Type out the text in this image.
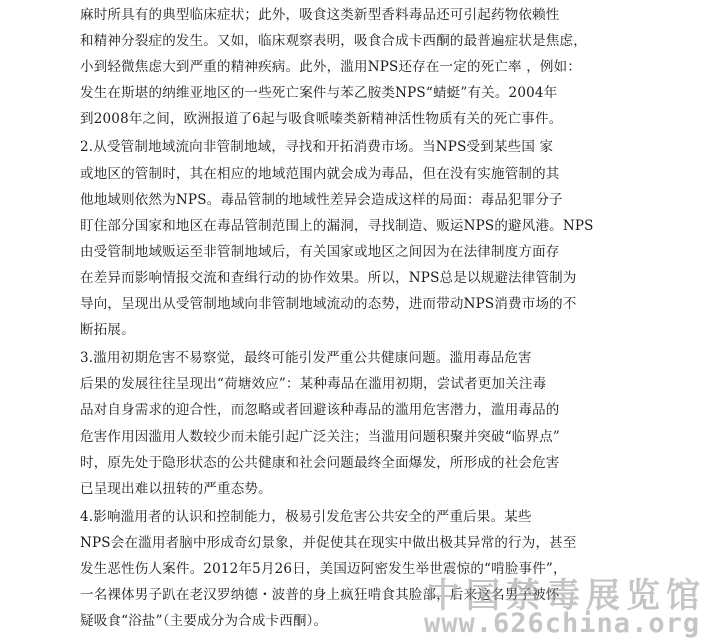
麻时所具有的典型临床症状；此外，吸食这类新型香料毒品还可引起药物依赖性
和精神分裂症的发生。又如，临床观察表明，吸食合成卡西酮的最普遍症状是焦虑，
小到轻微焦虑大到严重的精神疾病。此外，滥用NPS还存在一定的死亡率 ，例如：
发生在斯堪的纳维亚地区的一些死亡案件与苯乙胺类NPS“蜻蜓”有关。2004年
到2008年之间，欧洲报道了6起与吸食哌嗪类新精神活性物质有关的死亡事件。

2.从受管制地域流向非管制地域，寻找和开拓消费市场。当NPS受到某些国 家
或地区的管制时，其在相应的地域范围内就会成为毒品，但在没有实施管制的其
他地域则依然为NPS。毒品管制的地域性差异会造成这样的局面：毒品犯罪分子
盯住部分国家和地区在毒品管制范围上的漏洞，寻找制造、贩运NPS的避风港。NPS
由受管制地域贩运至非管制地域后，有关国家或地区之间因为在法律制度方面存
在差异而影响情报交流和查缉行动的协作效果。所以，NPS总是以规避法律管制为
导向，呈现出从受管制地域向非管制地域流动的态势，进而带动NPS消费市场的不
断拓展。

3.滥用初期危害不易察觉，最终可能引发严重公共健康问题。滥用毒品危害
后果的发展往往呈现出“荷塘效应”：某种毒品在滥用初期，尝试者更加关注毒
品对自身需求的迎合性，而忽略或者回避该种毒品的滥用危害潜力，滥用毒品的
危害作用因滥用人数较少而未能引起广泛关注；当滥用问题积聚并突破“临界点”
时，原先处于隐形状态的公共健康和社会问题最终全面爆发，所形成的社会危害
已呈现出难以扭转的严重态势。

4.影响滥用者的认识和控制能力，极易引发危害公共安全的严重后果。某些
NPS会在滥用者脑中形成奇幻景象，并促使其在现实中做出极其异常的行为，甚至
发生恶性伤人案件。2012年5月26日，美国迈阿密发生举世震惊的“啃脸事件”，
一名裸体男子趴在老汉罗纳德・波普的身上疯狂啃食其脸部，后来这名男子被怀
疑吸食“浴盐”（主要成分为合成卡西酮）。

中国禁毒展览馆
www.626china.org
